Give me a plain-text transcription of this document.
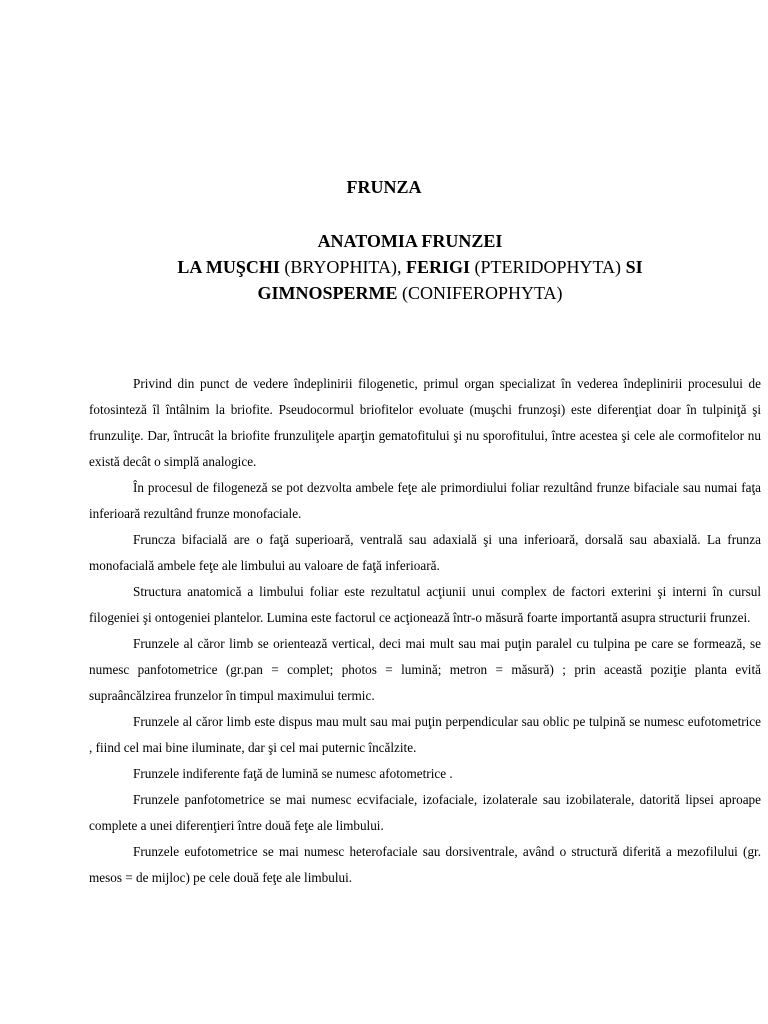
FRUNZA
ANATOMIA FRUNZEI
LA MUŞCHI (BRYOPHITA), FERIGI (PTERIDOPHYTA) SI
GIMNOSPERME (CONIFEROPHYTA)

Privind din punct de vedere îndeplinirii filogenetic, primul organ specializat în vederea îndeplinirii procesului de fotosinteză îl întâlnim la briofite. Pseudocormul briofitelor evoluate (muşchi frunzoşi) este diferenţiat doar în tulpiniţă şi frunzuliţe. Dar, întrucât la briofite frunzuliţele aparţin gematofitului şi nu sporofitului, între acestea şi cele ale cormofitelor nu există decât o simplă analogice.

În procesul de filogeneză se pot dezvolta ambele feţe ale primordiului foliar rezultând frunze bifaciale sau numai faţa inferioară rezultând frunze monofaciale.

Fruncza bifacială are o faţă superioară, ventrală sau adaxială şi una inferioară, dorsală sau abaxială. La frunza monofacială ambele feţe ale limbului au valoare de faţă inferioară.

Structura anatomică a limbului foliar este rezultatul acţiunii unui complex de factori exterini şi interni în cursul filogeniei şi ontogeniei plantelor. Lumina este factorul ce acţionează într-o măsură foarte importantă asupra structurii frunzei.

Frunzele al căror limb se orientează vertical, deci mai mult sau mai puţin paralel cu tulpina pe care se formează, se numesc panfotometrice (gr.pan = complet; photos = lumină; metron = măsură) ; prin această poziţie planta evită supraâncălzirea frunzelor în timpul maximului termic.

Frunzele al căror limb este dispus mau mult sau mai puţin perpendicular sau oblic pe tulpină se numesc eufotometrice , fiind cel mai bine iluminate, dar şi cel mai puternic încălzite.

Frunzele indiferente faţă de lumină se numesc afotometrice .

Frunzele panfotometrice se mai numesc ecvifaciale, izofaciale, izolaterale sau izobilaterale, datorită lipsei aproape complete a unei diferenţieri între două feţe ale limbului.

Frunzele eufotometrice se mai numesc heterofaciale sau dorsiventrale, având o structură diferită a mezofilului (gr. mesos = de mijloc) pe cele două feţe ale limbului.
